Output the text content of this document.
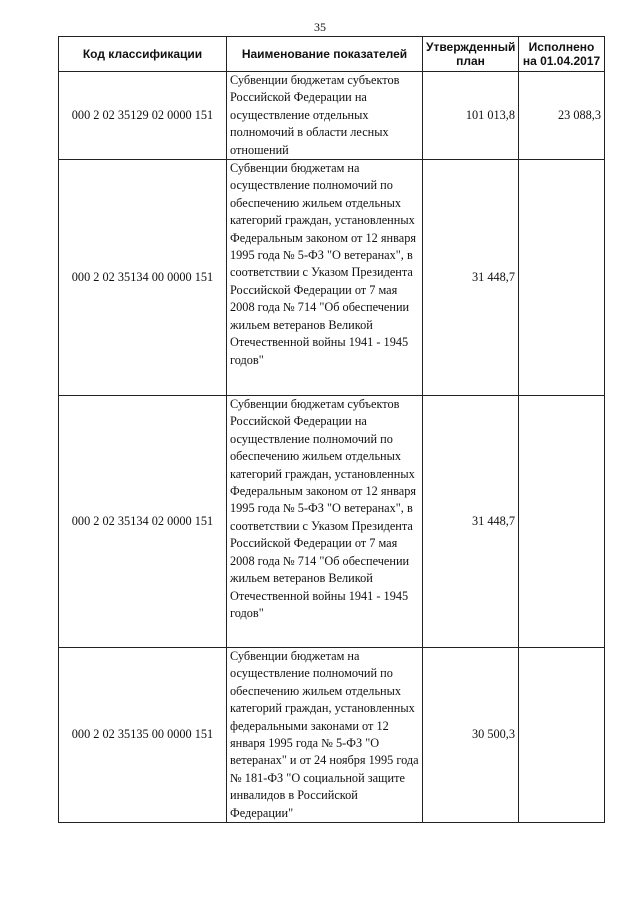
35
Код классификации	Наименование показателей	Утвержденный план	Исполнено на 01.04.2017
000 2 02 35129 02 0000 151	Субвенции бюджетам субъектов Российской Федерации на осуществление отдельных полномочий в области лесных отношений	101 013,8	23 088,3
000 2 02 35134 00 0000 151	Субвенции бюджетам на осуществление полномочий по обеспечению жильем отдельных категорий граждан, установленных Федеральным законом от 12 января 1995 года № 5-ФЗ "О ветеранах", в соответствии с Указом Президента Российской Федерации от 7 мая 2008 года № 714 "Об обеспечении жильем ветеранов Великой Отечественной войны 1941 - 1945 годов"	31 448,7	
000 2 02 35134 02 0000 151	Субвенции бюджетам субъектов Российской Федерации на осуществление полномочий по обеспечению жильем отдельных категорий граждан, установленных Федеральным законом от 12 января 1995 года № 5-ФЗ "О ветеранах", в соответствии с Указом Президента Российской Федерации от 7 мая 2008 года № 714 "Об обеспечении жильем ветеранов Великой Отечественной войны 1941 - 1945 годов"	31 448,7	
000 2 02 35135 00 0000 151	Субвенции бюджетам на осуществление полномочий по обеспечению жильем отдельных категорий граждан, установленных федеральными законами от 12 января 1995 года № 5-ФЗ "О ветеранах" и от 24 ноября 1995 года № 181-ФЗ "О социальной защите инвалидов в Российской Федерации"	30 500,3	
